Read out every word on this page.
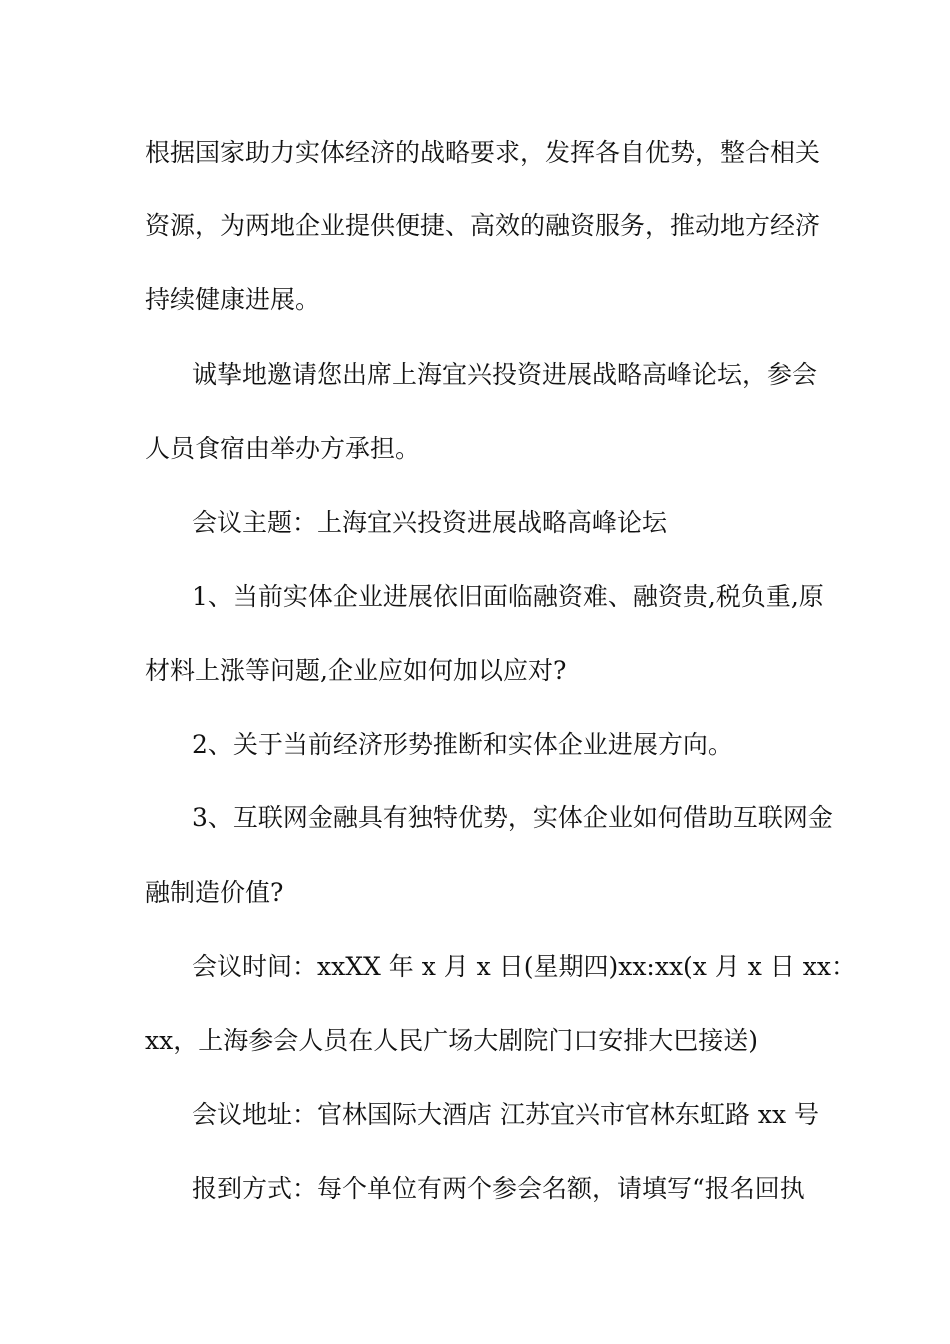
根据国家助力实体经济的战略要求，发挥各自优势，整合相关
资源，为两地企业提供便捷、高效的融资服务，推动地方经济
持续健康进展。
诚挚地邀请您出席上海宜兴投资进展战略高峰论坛，参会
人员食宿由举办方承担。
会议主题：上海宜兴投资进展战略高峰论坛
1、当前实体企业进展依旧面临融资难、融资贵,税负重,原
材料上涨等问题,企业应如何加以应对?
2、关于当前经济形势推断和实体企业进展方向。
3、互联网金融具有独特优势，实体企业如何借助互联网金
融制造价值?
会议时间：xxXX 年 x 月 x 日(星期四)xx:xx(x 月 x 日 xx：
xx，上海参会人员在人民广场大剧院门口安排大巴接送)
会议地址：官林国际大酒店 江苏宜兴市官林东虹路 xx 号
报到方式：每个单位有两个参会名额，请填写“报名回执
